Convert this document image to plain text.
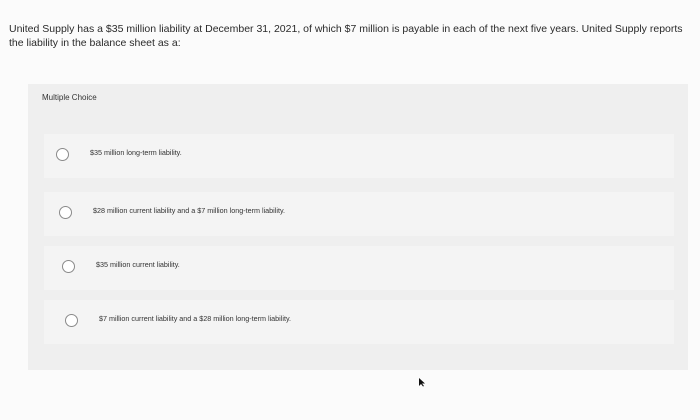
United Supply has a $35 million liability at December 31, 2021, of which $7 million is payable in each of the next five years. United Supply reports the liability in the balance sheet as a:
Multiple Choice
$35 million long-term liability.
$28 million current liability and a $7 million long-term liability.
$35 million current liability.
$7 million current liability and a $28 million long-term liability.
